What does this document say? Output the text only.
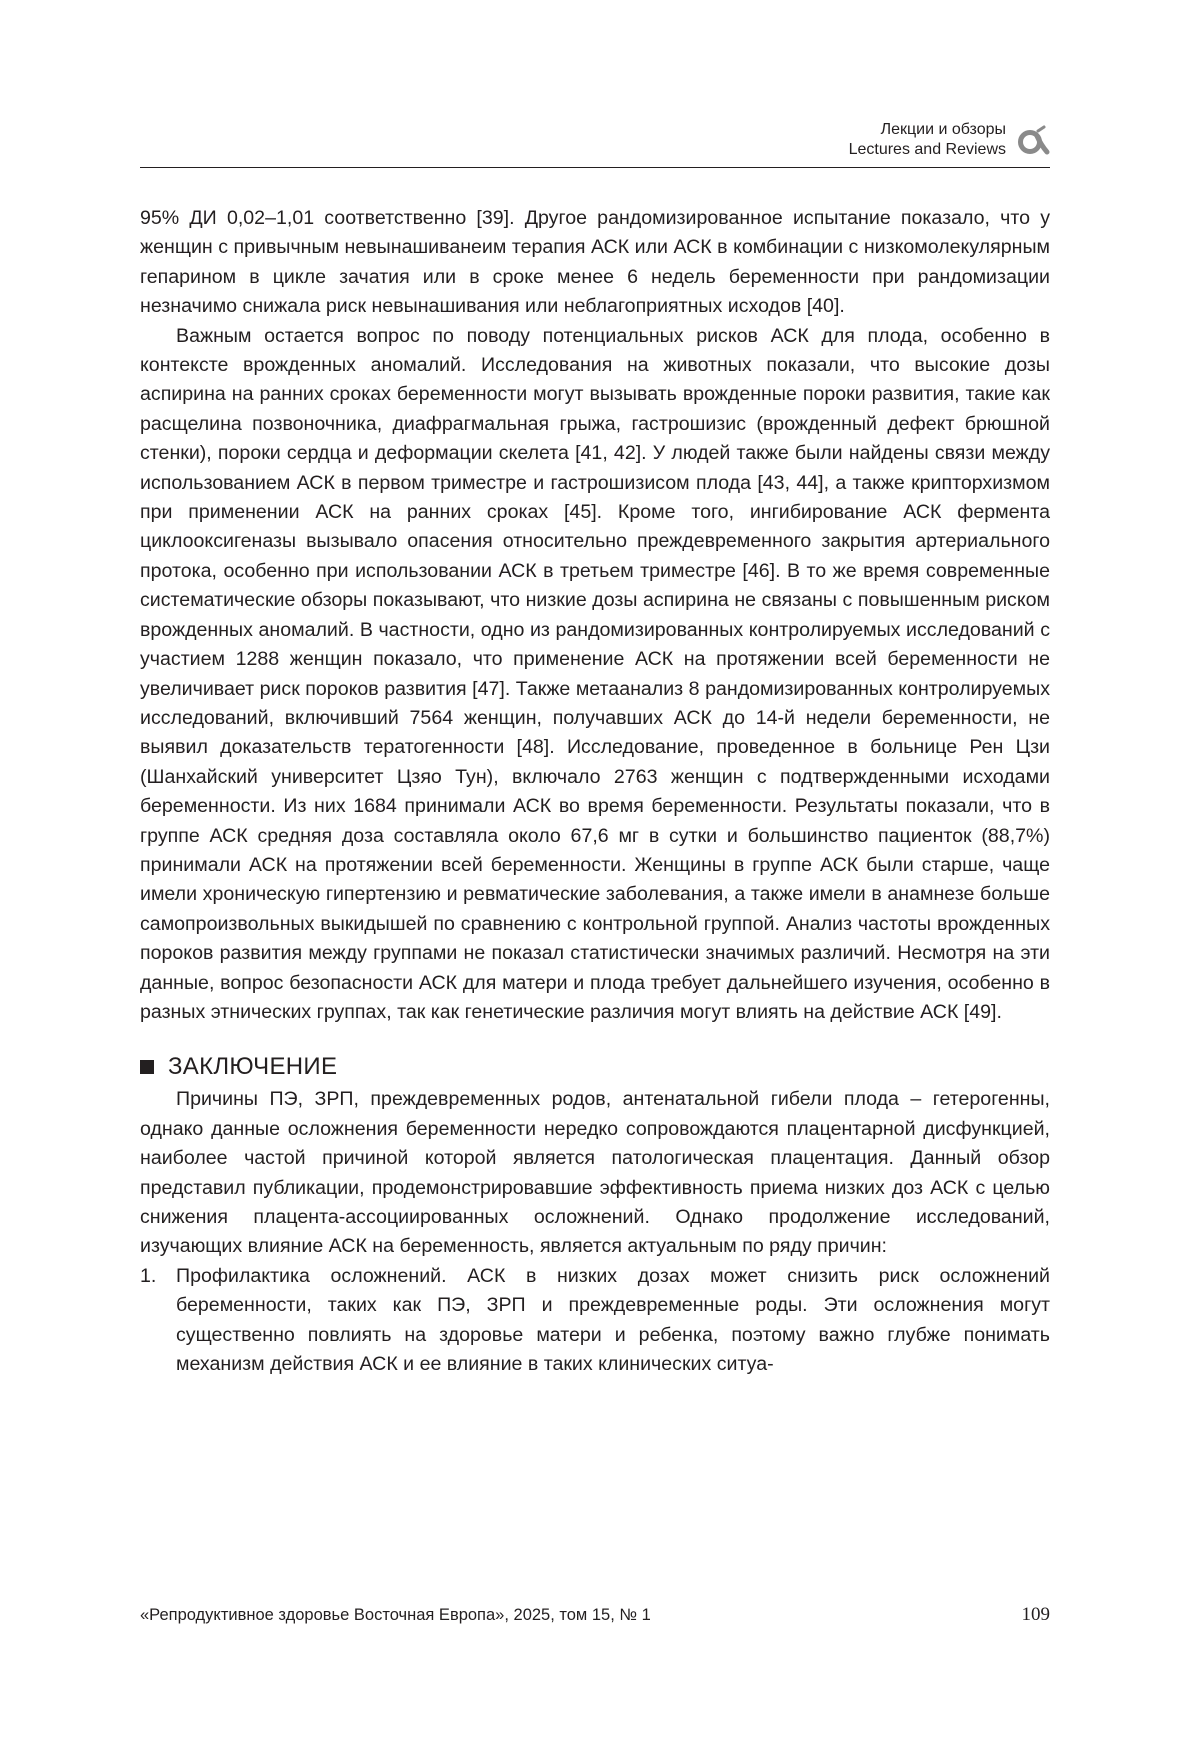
Лекции и обзоры
Lectures and Reviews

95% ДИ 0,02–1,01 соответственно [39]. Другое рандомизированное испытание показало, что у женщин с привычным невынашиванеим терапия АСК или АСК в комбинации с низкомолекулярным гепарином в цикле зачатия или в сроке менее 6 недель беременности при рандомизации незначимо снижала риск невынашивания или неблагоприятных исходов [40].

Важным остается вопрос по поводу потенциальных рисков АСК для плода, особенно в контексте врожденных аномалий. Исследования на животных показали, что высокие дозы аспирина на ранних сроках беременности могут вызывать врожденные пороки развития, такие как расщелина позвоночника, диафрагмальная грыжа, гастрошизис (врожденный дефект брюшной стенки), пороки сердца и деформации скелета [41, 42]. У людей также были найдены связи между использованием АСК в первом триместре и гастрошизисом плода [43, 44], а также крипторхизмом при применении АСК на ранних сроках [45]. Кроме того, ингибирование АСК фермента циклооксигеназы вызывало опасения относительно преждевременного закрытия артериального протока, особенно при использовании АСК в третьем триместре [46]. В то же время современные систематические обзоры показывают, что низкие дозы аспирина не связаны с повышенным риском врожденных аномалий. В частности, одно из рандомизированных контролируемых исследований с участием 1288 женщин показало, что применение АСК на протяжении всей беременности не увеличивает риск пороков развития [47]. Также метаанализ 8 рандомизированных контролируемых исследований, включивший 7564 женщин, получавших АСК до 14-й недели беременности, не выявил доказательств тератогенности [48]. Исследование, проведенное в больнице Рен Цзи (Шанхайский университет Цзяо Тун), включало 2763 женщин с подтвержденными исходами беременности. Из них 1684 принимали АСК во время беременности. Результаты показали, что в группе АСК средняя доза составляла около 67,6 мг в сутки и большинство пациенток (88,7%) принимали АСК на протяжении всей беременности. Женщины в группе АСК были старше, чаще имели хроническую гипертензию и ревматические заболевания, а также имели в анамнезе больше самопроизвольных выкидышей по сравнению с контрольной группой. Анализ частоты врожденных пороков развития между группами не показал статистически значимых различий. Несмотря на эти данные, вопрос безопасности АСК для матери и плода требует дальнейшего изучения, особенно в разных этнических группах, так как генетические различия могут влиять на действие АСК [49].

ЗАКЛЮЧЕНИЕ

Причины ПЭ, ЗРП, преждевременных родов, антенатальной гибели плода – гетерогенны, однако данные осложнения беременности нередко сопровождаются плацентарной дисфункцией, наиболее частой причиной которой является патологическая плацентация. Данный обзор представил публикации, продемонстрировавшие эффективность приема низких доз АСК с целью снижения плацента-ассоциированных осложнений. Однако продолжение исследований, изучающих влияние АСК на беременность, является актуальным по ряду причин:

1.	Профилактика осложнений. АСК в низких дозах может снизить риск осложнений беременности, таких как ПЭ, ЗРП и преждевременные роды. Эти осложнения могут существенно повлиять на здоровье матери и ребенка, поэтому важно глубже понимать механизм действия АСК и ее влияние в таких клинических ситуа-
«Репродуктивное здоровье Восточная Европа», 2025, том 15, № 1	109
